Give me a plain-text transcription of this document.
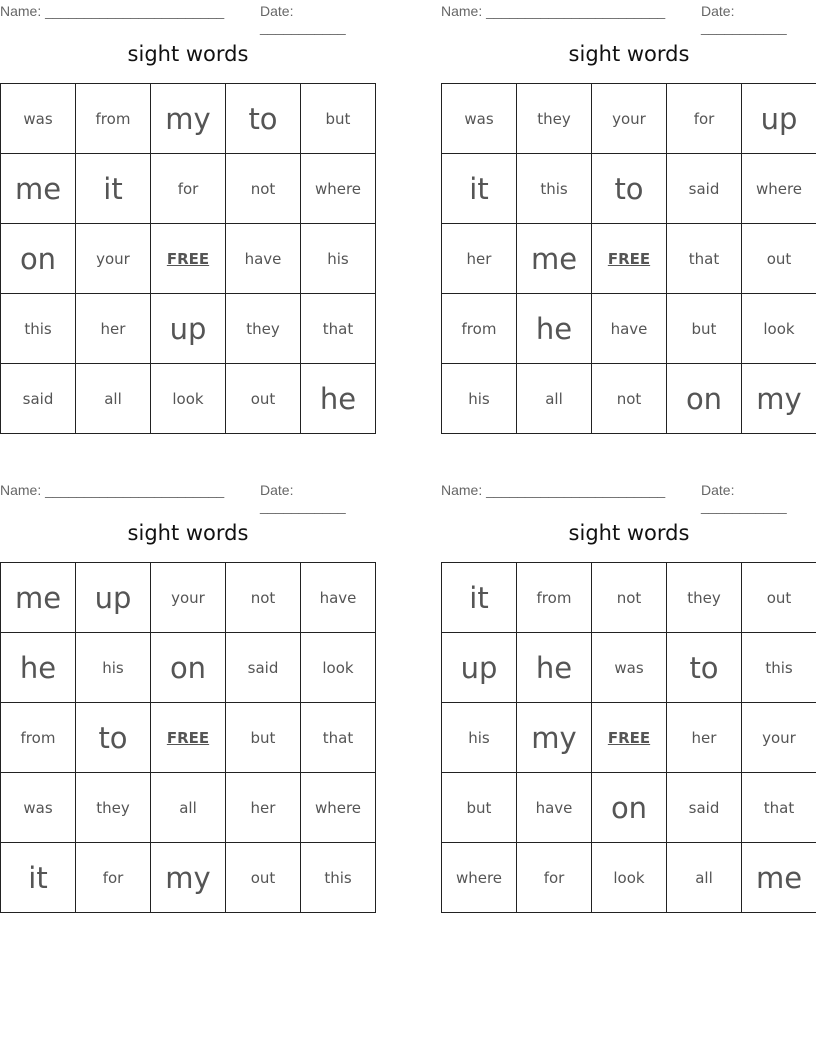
Name: _______________________	Date: ___________
sight words
was	from	my	to	but
me	it	for	not	where
on	your	FREE	have	his
this	her	up	they	that
said	all	look	out	he
Name: _______________________	Date: ___________
sight words
was	they	your	for	up
it	this	to	said	where
her	me	FREE	that	out
from	he	have	but	look
his	all	not	on	my
Name: _______________________	Date: ___________
sight words
me	up	your	not	have
he	his	on	said	look
from	to	FREE	but	that
was	they	all	her	where
it	for	my	out	this
Name: _______________________	Date: ___________
sight words
it	from	not	they	out
up	he	was	to	this
his	my	FREE	her	your
but	have	on	said	that
where	for	look	all	me
